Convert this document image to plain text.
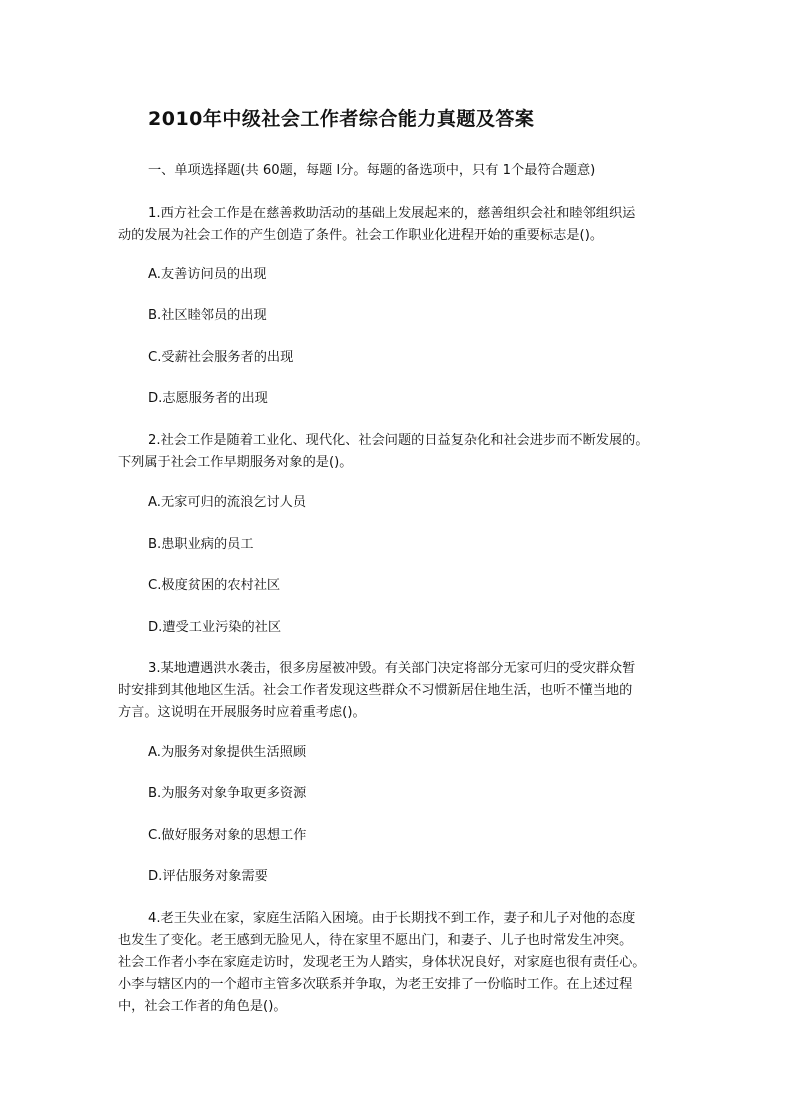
2010年中级社会工作者综合能力真题及答案
一、单项选择题(共 60题，每题 l分。每题的备选项中，只有 1个最符合题意)
1.西方社会工作是在慈善救助活动的基础上发展起来的，慈善组织会社和睦邻组织运
动的发展为社会工作的产生创造了条件。社会工作职业化进程开始的重要标志是()。
A.友善访问员的出现
B.社区睦邻员的出现
C.受薪社会服务者的出现
D.志愿服务者的出现
2.社会工作是随着工业化、现代化、社会问题的日益复杂化和社会进步而不断发展的。
下列属于社会工作早期服务对象的是()。
A.无家可归的流浪乞讨人员
B.患职业病的员工
C.极度贫困的农村社区
D.遭受工业污染的社区
3.某地遭遇洪水袭击，很多房屋被冲毁。有关部门决定将部分无家可归的受灾群众暂
时安排到其他地区生活。社会工作者发现这些群众不习惯新居住地生活，也听不懂当地的
方言。这说明在开展服务时应着重考虑()。
A.为服务对象提供生活照顾
B.为服务对象争取更多资源
C.做好服务对象的思想工作
D.评估服务对象需要
4.老王失业在家，家庭生活陷入困境。由于长期找不到工作，妻子和儿子对他的态度
也发生了变化。老王感到无脸见人，待在家里不愿出门，和妻子、儿子也时常发生冲突。
社会工作者小李在家庭走访时，发现老王为人踏实，身体状况良好，对家庭也很有责任心。
小李与辖区内的一个超市主管多次联系并争取，为老王安排了一份临时工作。在上述过程
中，社会工作者的角色是()。
